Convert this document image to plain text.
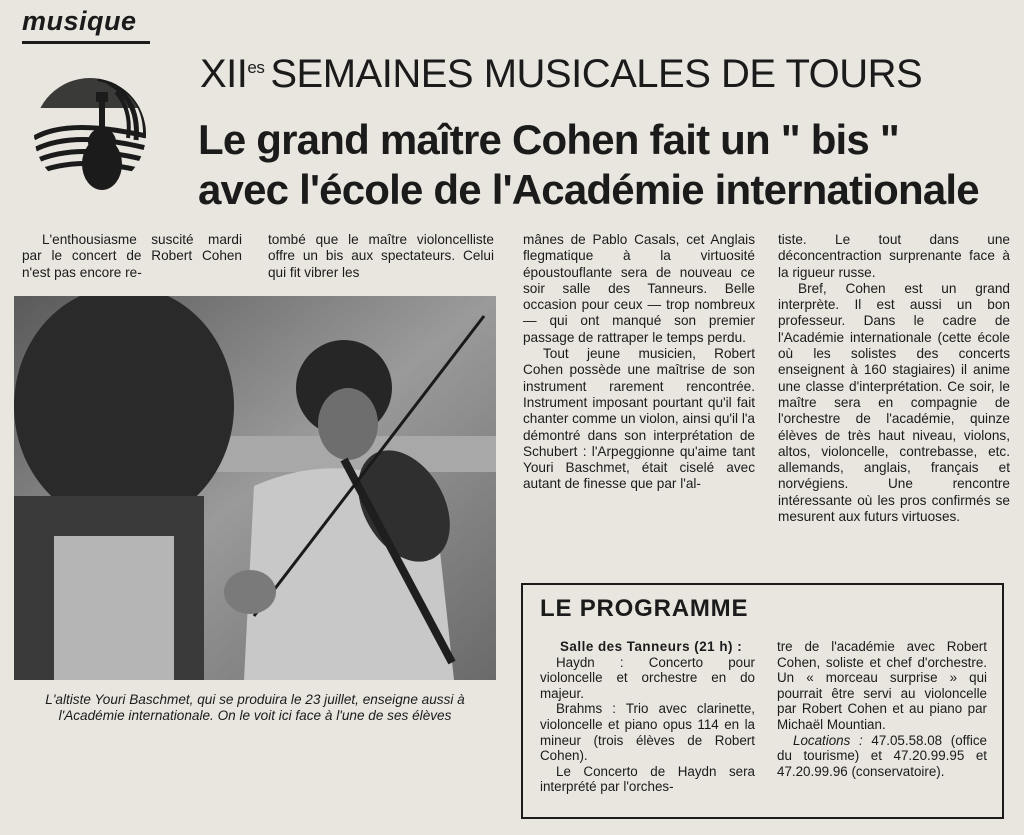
musique
$XII^{es}$ SEMAINES MUSICALES DE TOURS
Le grand maître Cohen fait un " bis "
avec l'école de l'Académie internationale

L'enthousiasme suscité mardi par le concert de Robert Cohen n'est pas encore re-

tombé que le maître violoncelliste offre un bis aux spectateurs. Celui qui fit vibrer les

mânes de Pablo Casals, cet Anglais flegmatique à la virtuosité époustouflante sera de nouveau ce soir salle des Tanneurs. Belle occasion pour ceux — trop nombreux — qui ont manqué son premier passage de rattraper le temps perdu.

Tout jeune musicien, Robert Cohen possède une maîtrise de son instrument rarement rencontrée. Instrument imposant pourtant qu'il fait chanter comme un violon, ainsi qu'il l'a démontré dans son interprétation de Schubert : l'Arpeggionne qu'aime tant Youri Baschmet, était ciselé avec autant de finesse que par l'al-

tiste. Le tout dans une déconcentraction surprenante face à la rigueur russe.

Bref, Cohen est un grand interprète. Il est aussi un bon professeur. Dans le cadre de l'Académie internationale (cette école où les solistes des concerts enseignent à 160 stagiaires) il anime une classe d'interprétation. Ce soir, le maître sera en compagnie de l'orchestre de l'académie, quinze élèves de très haut niveau, violons, altos, violoncelle, contrebasse, etc. allemands, anglais, français et norvégiens. Une rencontre intéressante où les pros confirmés se mesurent aux futurs virtuoses.

L'altiste Youri Baschmet, qui se produira le 23 juillet, enseigne aussi à l'Académie internationale. On le voit ici face à l'une de ses élèves
LE PROGRAMME

Salle des Tanneurs (21 h) :

Haydn : Concerto pour violoncelle et orchestre en do majeur.

Brahms : Trio avec clarinette, violoncelle et piano opus 114 en la mineur (trois élèves de Robert Cohen).

Le Concerto de Haydn sera interprété par l'orches-

tre de l'académie avec Robert Cohen, soliste et chef d'orchestre. Un « morceau surprise » qui pourrait être servi au violoncelle par Robert Cohen et au piano par Michaël Mountian.

Locations : 47.05.58.08 (office du tourisme) et 47.20.99.95 et 47.20.99.96 (conservatoire).
